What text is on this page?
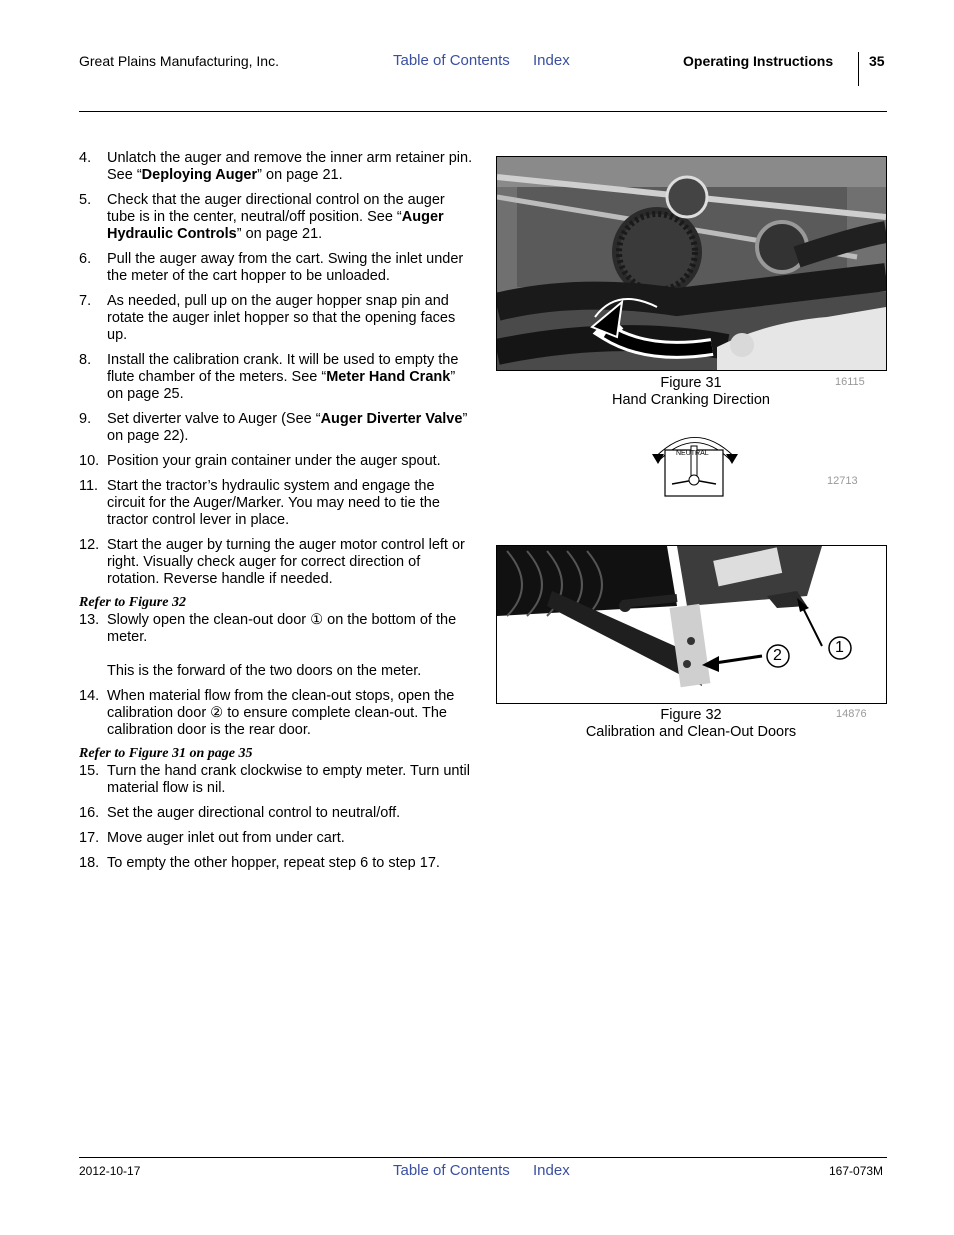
Great Plains Manufacturing, Inc.	Table of Contents Index	Operating Instructions	35
4.	Unlatch the auger and remove the inner arm retainer pin. See “Deploying Auger” on page 21.
5.	Check that the auger directional control on the auger tube is in the center, neutral/off position. See “Auger Hydraulic Controls” on page 21.
6.	Pull the auger away from the cart. Swing the inlet under the meter of the cart hopper to be unloaded.
7.	As needed, pull up on the auger hopper snap pin and rotate the auger inlet hopper so that the opening faces up.
8.	Install the calibration crank. It will be used to empty the flute chamber of the meters. See “Meter Hand Crank” on page 25.
9.	Set diverter valve to Auger (See “Auger Diverter Valve” on page 22).
10. Position your grain container under the auger spout.
11. Start the tractor’s hydraulic system and engage the circuit for the Auger/Marker. You may need to tie the tractor control lever in place.
12. Start the auger by turning the auger motor control left or right. Visually check auger for correct direction of rotation. Reverse handle if needed.
Refer to Figure 32
13. Slowly open the clean-out door ① on the bottom of the meter.
This is the forward of the two doors on the meter.
14. When material flow from the clean-out stops, open the calibration door ② to ensure complete clean-out. The calibration door is the rear door.
Refer to Figure 31 on page 35
15. Turn the hand crank clockwise to empty meter. Turn until material flow is nil.
16. Set the auger directional control to neutral/off.
17. Move auger inlet out from under cart.
18. To empty the other hopper, repeat step 6 to step 17.
Figure 31
Hand Cranking Direction
16115
NEUTRAL
12713
2	1
Figure 32
Calibration and Clean-Out Doors
14876
2012-10-17	Table of Contents Index	167-073M
